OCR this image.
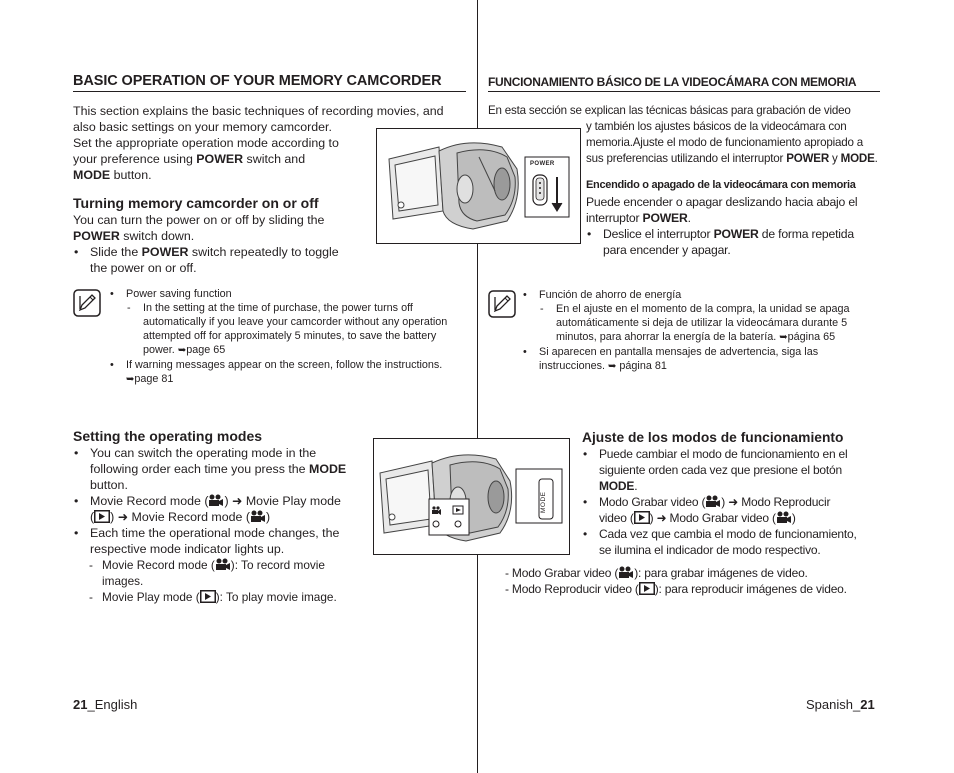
BASIC OPERATION OF YOUR MEMORY CAMCORDER
This section explains the basic techniques of recording movies, and
also basic settings on your memory camcorder.
Set the appropriate operation mode according to
your preference using POWER switch and
MODE button.
Turning memory camcorder on or off
You can turn the power on or off by sliding the
POWER switch down.
• Slide the POWER switch repeatedly to toggle
the power on or off.
POWER
• Power saving function
- In the setting at the time of purchase, the power turns off
automatically if you leave your camcorder without any operation
attempted off for approximately 5 minutes, to save the battery
power. ➥page 65
• If warning messages appear on the screen, follow the instructions.
➥page 81
Setting the operating modes
• You can switch the operating mode in the
following order each time you press the MODE
button.
• Movie Record mode ( ) ➜ Movie Play mode
( ) ➜ Movie Record mode ( )
• Each time the operational mode changes, the
respective mode indicator lights up.
- Movie Record mode ( ): To record movie
images.
- Movie Play mode ( ): To play movie image.
MODE
21_English
FUNCIONAMIENTO BÁSICO DE LA VIDEOCÁMARA CON MEMORIA
En esta sección se explican las técnicas básicas para grabación de video
y también los ajustes básicos de la videocámara con
memoria.Ajuste el modo de funcionamiento apropiado a
sus preferencias utilizando el interruptor POWER y MODE.
Encendido o apagado de la videocámara con memoria
Puede encender o apagar deslizando hacia abajo el
interruptor POWER.
• Deslice el interruptor POWER de forma repetida
para encender y apagar.
• Función de ahorro de energía
- En el ajuste en el momento de la compra, la unidad se apaga
automáticamente si deja de utilizar la videocámara durante 5
minutos, para ahorrar la energía de la batería. ➥página 65
• Si aparecen en pantalla mensajes de advertencia, siga las
instrucciones. ➥ página 81
Ajuste de los modos de funcionamiento
• Puede cambiar el modo de funcionamiento en el
siguiente orden cada vez que presione el botón
MODE.
• Modo Grabar video ( ) ➜ Modo Reproducir
video ( ) ➜ Modo Grabar video ( )
• Cada vez que cambia el modo de funcionamiento,
se ilumina el indicador de modo respectivo.
- Modo Grabar video ( ): para grabar imágenes de video.
- Modo Reproducir video ( ): para reproducir imágenes de video.
Spanish_21
